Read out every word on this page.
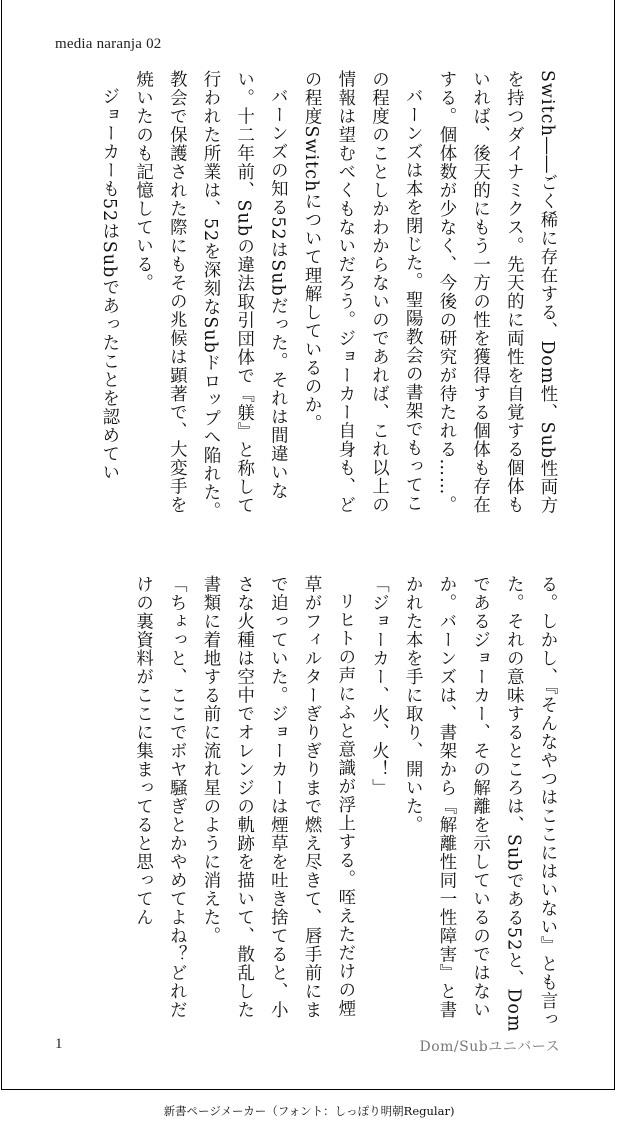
media naranja 02

Switch――ごく稀に存在する、Dom性、Sub性両方を持つダイナミクス。先天的に両性を自覚する個体もいれば、後天的にもう一方の性を獲得する個体も存在する。個体数が少なく、今後の研究が待たれる……。

バーンズは本を閉じた。聖陽教会の書架でもってこの程度のことしかわからないのであれば、これ以上の情報は望むべくもないだろう。ジョーカー自身も、どの程度Switchについて理解しているのか。

バーンズの知る52はSubだった。それは間違いない。十二年前、Subの違法取引団体で『躾』と称して行われた所業は、52を深刻なSubドロップへ陥れた。教会で保護された際にもその兆候は顕著で、大変手を焼いたのも記憶している。

ジョーカーも52はSubであったことを認めてい

る。しかし、『そんなやつはここにはいない』とも言った。それの意味するところは、Subである52と、Domであるジョーカー、その解離を示しているのではないか。バーンズは、書架から『解離性同一性障害』と書かれた本を手に取り、開いた。

「ジョーカー、火、火！」

リヒトの声にふと意識が浮上する。咥えただけの煙草がフィルターぎりぎりまで燃え尽きて、唇手前にまで迫っていた。ジョーカーは煙草を吐き捨てると、小さな火種は空中でオレンジの軌跡を描いて、散乱した書類に着地する前に流れ星のように消えた。

「ちょっと、ここでボヤ騒ぎとかやめてよね？どれだけの裏資料がここに集まってると思ってん

1	Dom/Subユニバース
新書ページメーカー（フォント：しっぽり明朝Regular)
